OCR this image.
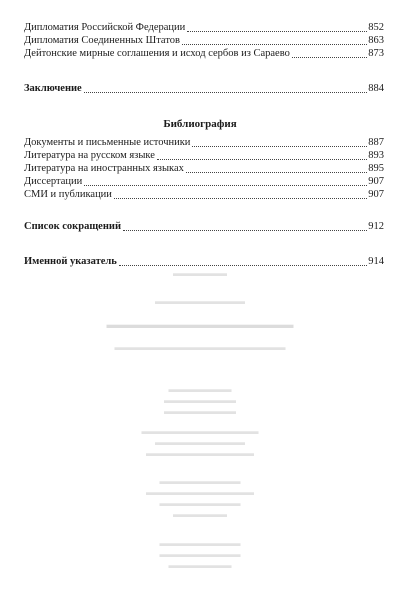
▬▬▬▬▬▬
▬▬▬▬▬▬▬▬▬▬
▬▬▬▬▬▬▬▬▬▬▬▬▬▬▬▬▬
▬▬▬▬▬▬▬▬▬▬▬▬▬▬▬▬▬▬▬
▬▬▬▬▬▬▬
▬▬▬▬▬▬▬▬
▬▬▬▬▬▬▬▬
▬▬▬▬▬▬▬▬▬▬▬▬▬
▬▬▬▬▬▬▬▬▬▬
▬▬▬▬▬▬▬▬▬▬▬▬
▬▬▬▬▬▬▬▬▬
▬▬▬▬▬▬▬▬▬▬▬▬
▬▬▬▬▬▬▬▬▬
▬▬▬▬▬▬
▬▬▬▬▬▬▬▬▬
▬▬▬▬▬▬▬▬▬
▬▬▬▬▬▬▬
Дипломатия Российской Федерации	852
Дипломатия Соединенных Штатов	863
Дейтонские мирные соглашения и исход сербов из Сараево	873
Заключение	884
Библиография
Документы и письменные источники	887
Литература на русском языке	893
Литература на иностранных языках	895
Диссертации	907
СМИ и публикации	907
Список сокращений	912
Именной указатель	914
